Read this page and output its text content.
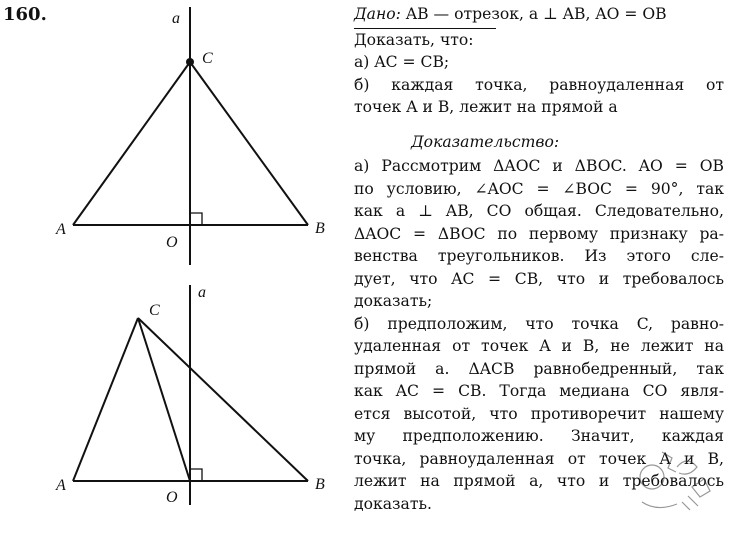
160.	a
C
A	B
O
a
C
A	B
O
Дано: AB — отрезок, a ⊥ AB, AO = OB
Доказать, что:
а) AC = CB;
б) каждая точка, равноудаленная от
точек A и B, лежит на прямой a
Доказательство:
а) Рассмотрим ΔAOC и ΔBOC. AO = OB
по условию, ∠AOC = ∠BOC = 90°, так
как a ⊥ AB, CO общая. Следовательно,
ΔAOC = ΔBOC по первому признаку ра-
венства треугольников. Из этого сле-
дует, что AC = CB, что и требовалось
доказать;
б) предположим, что точка C, равно-
удаленная от точек A и B, не лежит на
прямой a. ΔACB равнобедренный, так
как AC = CB. Тогда медиана CO явля-
ется высотой, что противоречит нашему
му предположению. Значит, каждая
точка, равноудаленная от точек A и B,
лежит на прямой a, что и требовалось
доказать.
